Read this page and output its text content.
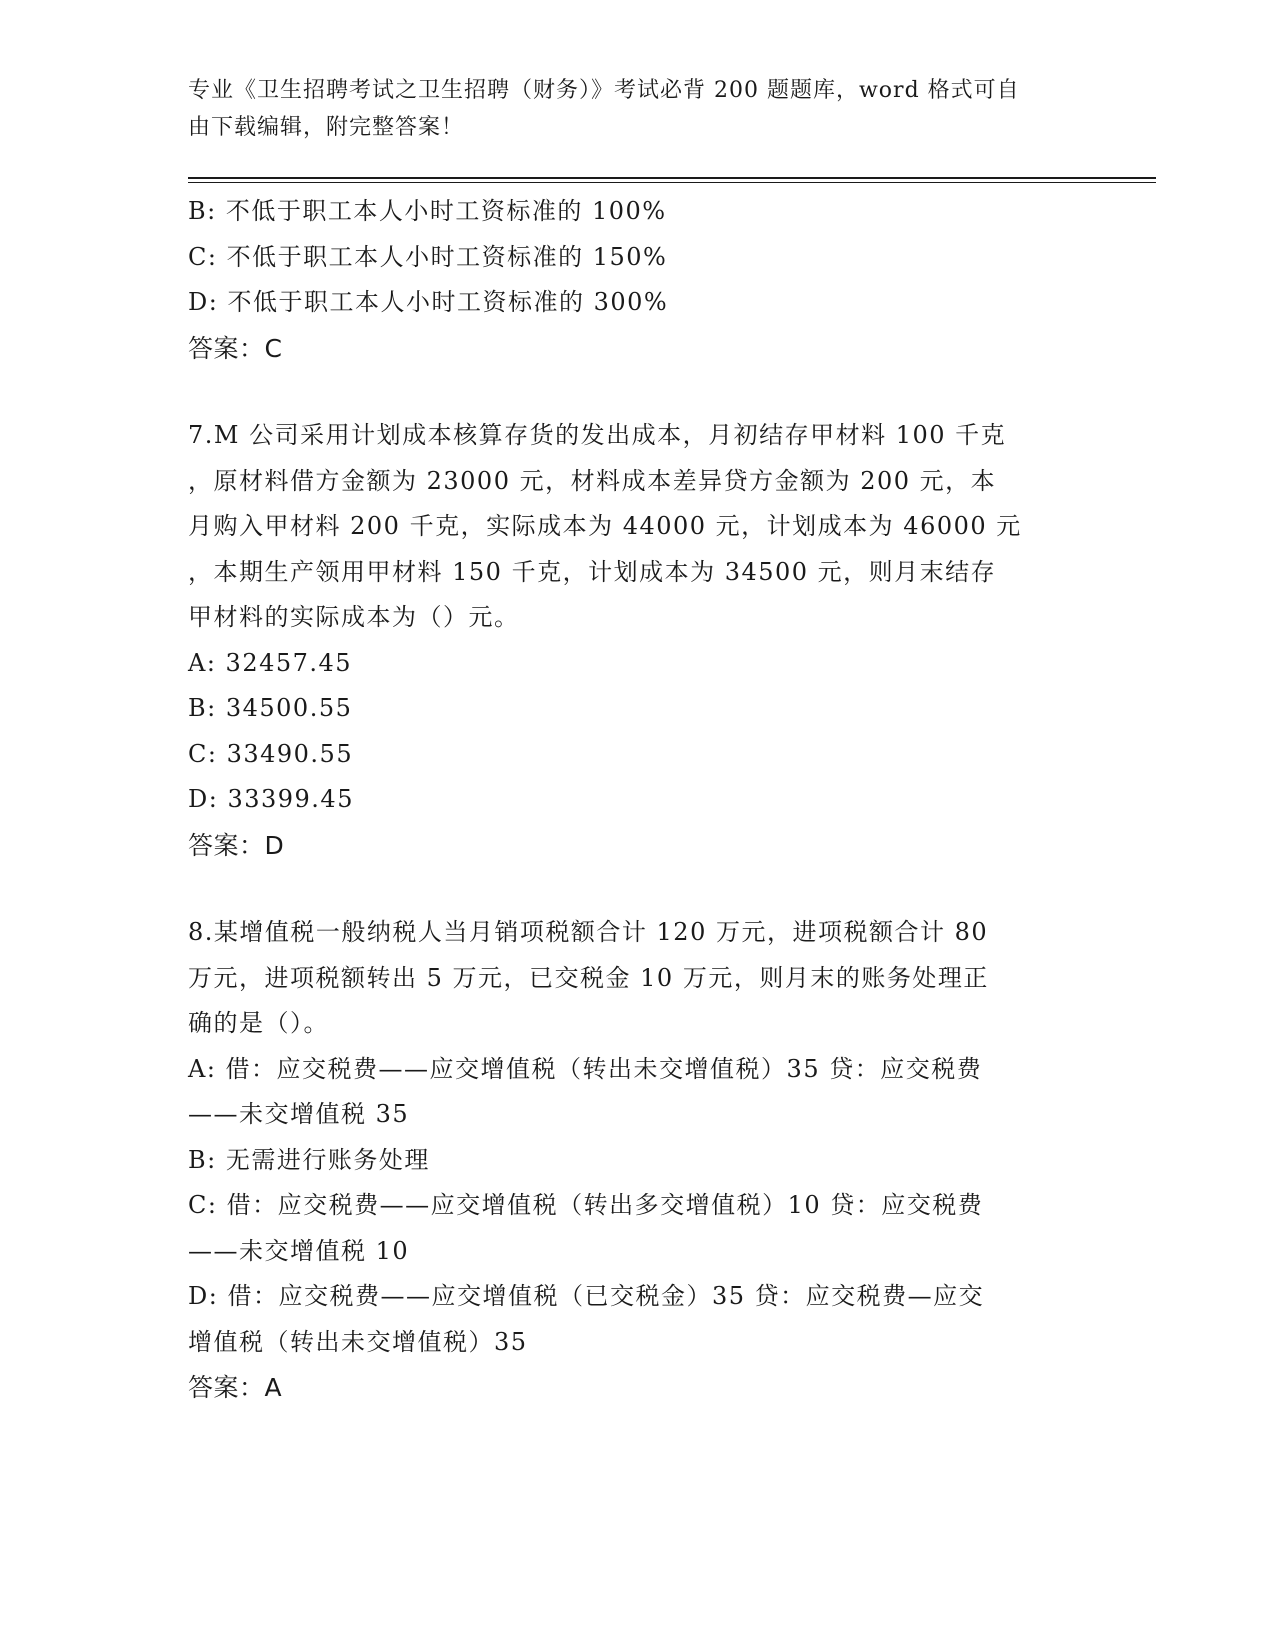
专业《卫生招聘考试之卫生招聘（财务）》考试必背 200 题题库，word 格式可自
由下载编辑，附完整答案！
B: 不低于职工本人小时工资标准的 100%
C: 不低于职工本人小时工资标准的 150%
D: 不低于职工本人小时工资标准的 300%
答案：C
7.M 公司采用计划成本核算存货的发出成本，月初结存甲材料 100 千克
，原材料借方金额为 23000 元，材料成本差异贷方金额为 200 元，本
月购入甲材料 200 千克，实际成本为 44000 元，计划成本为 46000 元
，本期生产领用甲材料 150 千克，计划成本为 34500 元，则月末结存
甲材料的实际成本为（）元。
A: 32457.45
B: 34500.55
C: 33490.55
D: 33399.45
答案：D
8.某增值税一般纳税人当月销项税额合计 120 万元，进项税额合计 80
万元，进项税额转出 5 万元，已交税金 10 万元，则月末的账务处理正
确的是（）。
A: 借：应交税费——应交增值税（转出未交增值税）35 贷：应交税费
——未交增值税 35
B: 无需进行账务处理
C: 借：应交税费——应交增值税（转出多交增值税）10 贷：应交税费
——未交增值税 10
D: 借：应交税费——应交增值税（已交税金）35 贷：应交税费—应交
增值税（转出未交增值税）35
答案：A
